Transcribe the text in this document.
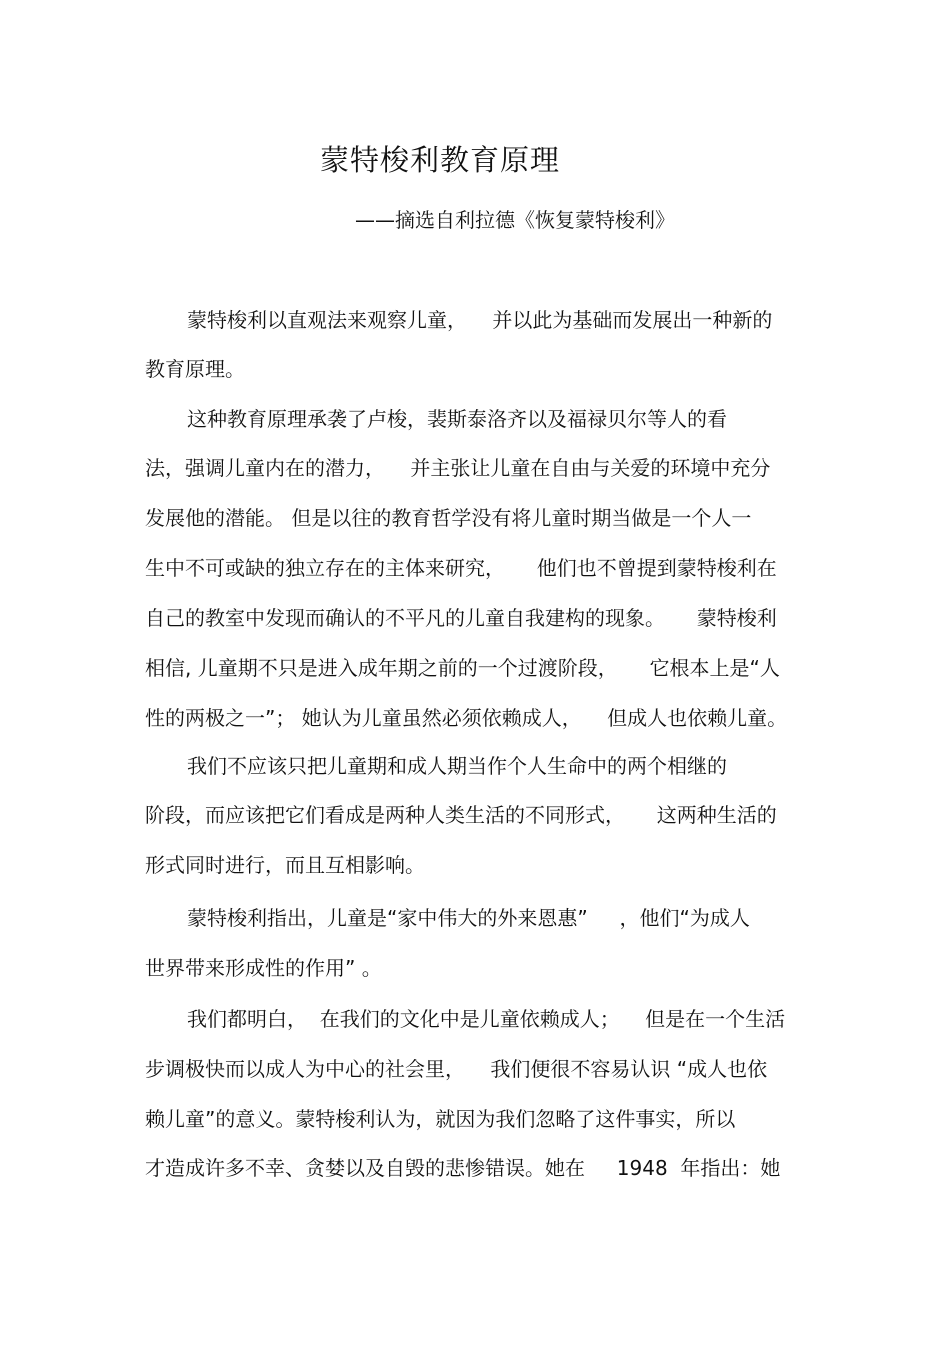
蒙特梭利教育原理
——摘选自利拉德《恢复蒙特梭利》
蒙特梭利以直观法来观察儿童，    并以此为基础而发展出一种新的
教育原理。
这种教育原理承袭了卢梭，裴斯泰洛齐以及福禄贝尔等人的看
法，强调儿童内在的潜力，    并主张让儿童在自由与关爱的环境中充分
发展他的潜能。 但是以往的教育哲学没有将儿童时期当做是一个人一
生中不可或缺的独立存在的主体来研究，     他们也不曾提到蒙特梭利在
自己的教室中发现而确认的不平凡的儿童自我建构的现象。     蒙特梭利
相信, 儿童期不只是进入成年期之前的一个过渡阶段，     它根本上是“人
性的两极之一”； 她认为儿童虽然必须依赖成人，    但成人也依赖儿童。
我们不应该只把儿童期和成人期当作个人生命中的两个相继的
阶段，而应该把它们看成是两种人类生活的不同形式，     这两种生活的
形式同时进行，而且互相影响。
蒙特梭利指出，儿童是“家中伟大的外来恩惠”     ，他们“为成人
世界带来形成性的作用” 。
我们都明白，  在我们的文化中是儿童依赖成人；    但是在一个生活
步调极快而以成人为中心的社会里，    我们便很不容易认识 “成人也依
赖儿童”的意义。蒙特梭利认为，就因为我们忽略了这件事实，所以
才造成许多不幸、贪婪以及自毁的悲惨错误。她在     1948  年指出：她
